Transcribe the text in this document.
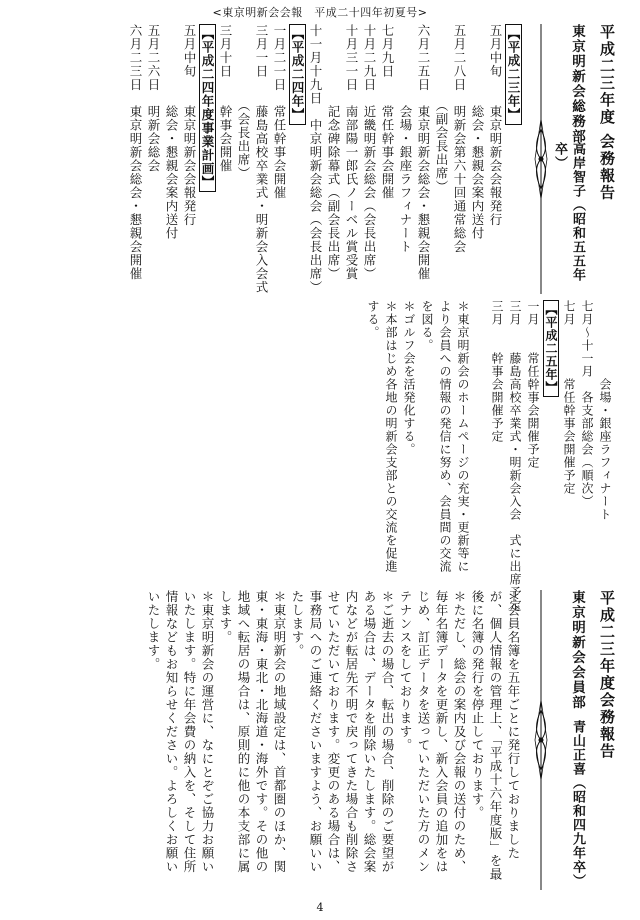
<東京明新会会報　平成二十四年初夏号>
平成二三年度 会務報告
東京明新会総務部
高岸智子（昭和五五年卒）
【平成二三年】
五月中旬　　東京明新会会報発行
　　　　　　総会・懇親会案内送付
五月二八日　明新会第六十回通常総会
　　　　　　（副会長出席）
六月二五日　東京明新会総会・懇親会開催
　　　　　　会場・銀座ラフィナート
七月九日　　常任幹事会開催
十月二九日　近畿明新会総会（会長出席）
十月三一日　南部陽一郎氏ノーベル賞受賞
　　　　　　記念碑除幕式（副会長出席）
十一月十九日　中京明新会総会（会長出席）
【平成二四年】
一月二一日　常任幹事会開催
三月一日　　藤島高校卒業式・明新会入会式
　　　　　　（会長出席）
三月十日　　幹事会開催
【平成二四年度事業計画】
五月中旬　　東京明新会会報発行
　　　　　　総会・懇親会案内送付
五月二六日　明新会総会
六月二三日　東京明新会総会・懇親会開催
　　　　　　会場・銀座ラフィナート
七月～十一月　各支部総会（順次）
七月　　　　常任幹事会開催予定
【平成二五年】
一月　　常任幹事会開催予定
三月　　藤島高校卒業式・明新会入会　式に出席予定
三月　　幹事会開催予定
＊東京明新会のホームページの充実・更新等により会員への情報の発信に努め、会員間の交流を図る。
＊ゴルフ会を活発化する。
＊本部はじめ各地の明新会支部との交流を促進する。
平成二三年度会務報告
東京明新会会員部
青山正喜（昭和四九年卒）
＊会員名簿を五年ごとに発行しておりましたが、個人情報の管理上、「平成十六年度版」を最後に名簿の発行を停止しております。
＊ただし、総会の案内及び会報の送付のため、毎年名簿データを更新し、新入会員の追加をはじめ、訂正データを送っていただいた方のメンテナンスをしております。
＊ご逝去の場合、転出の場合、削除のご要望がある場合は、データを削除いたします。総会案内などが転居先不明で戻ってきた場合も削除させていただいております。変更のある場合は、事務局へのご連絡くださいますよう、お願いいたします。
＊東京明新会の地域設定は、首都圏のほか、関東・東海・東北・北海道・海外です。その他の地域へ転居の場合は、原則的に他の本支部に属します。
＊東京明新会の運営に、なにとぞご協力お願いいたします。特に年会費の納入を、そして住所情報などもお知らせください。よろしくお願いいたします。
4
